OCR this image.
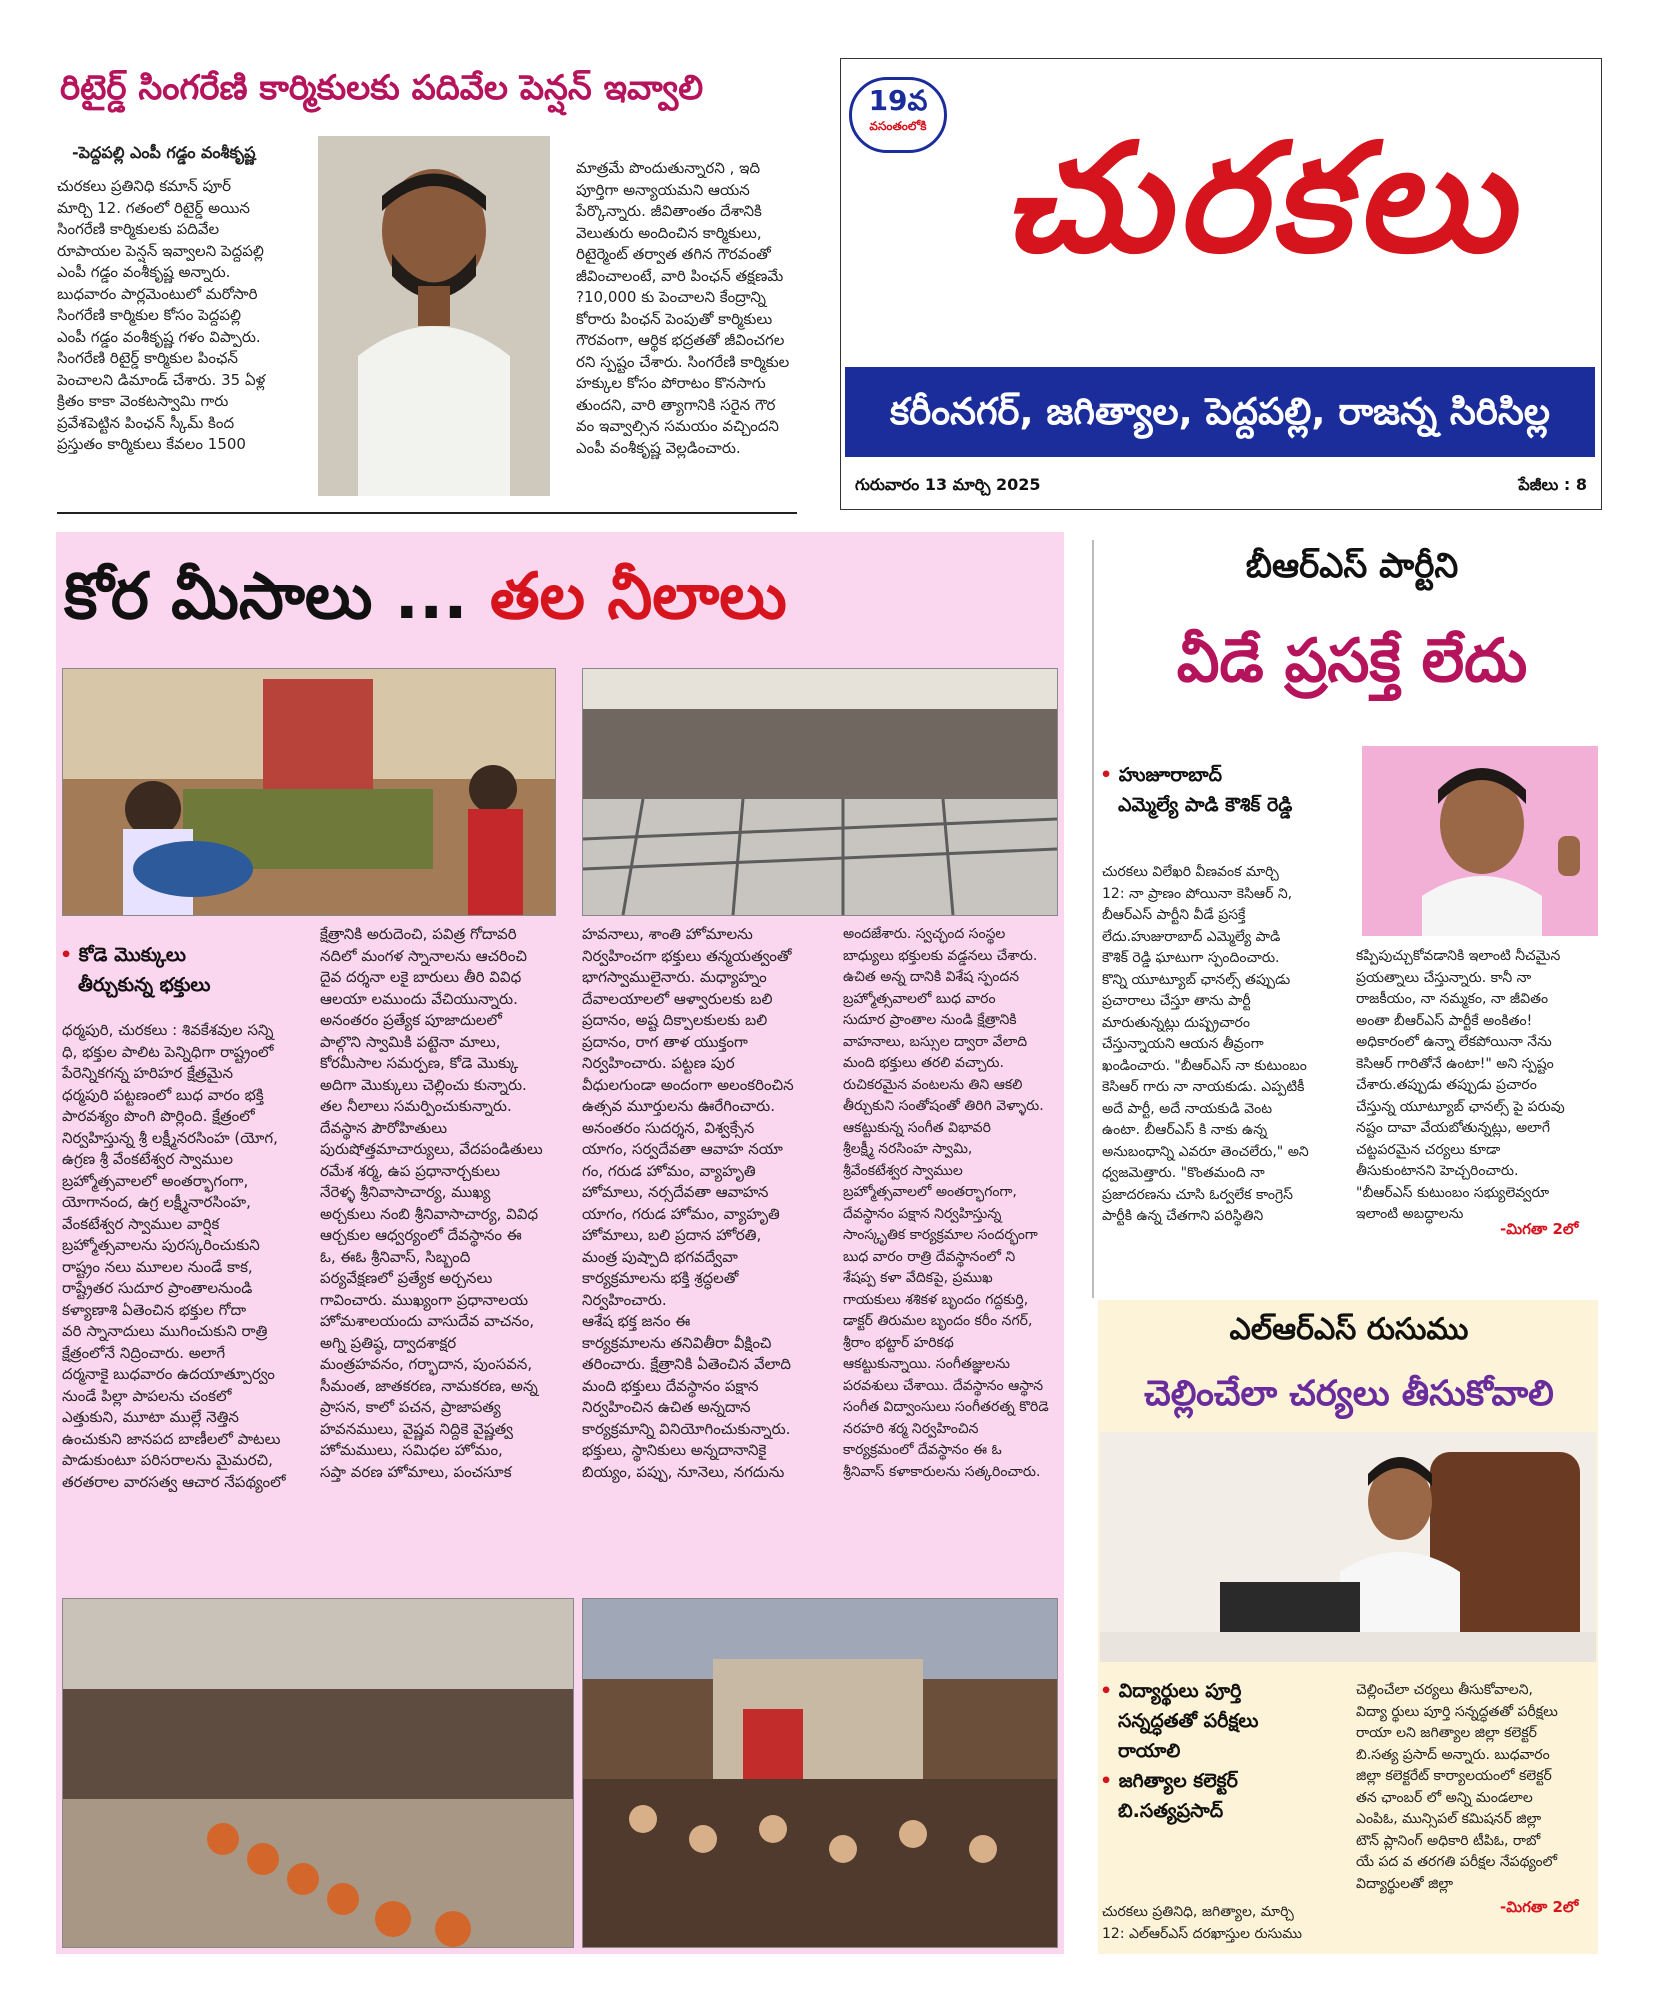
రిటైర్డ్ సింగరేణి కార్మికులకు పదివేల పెన్షన్ ఇవ్వాలి
-పెద్దపల్లి ఎంపీ గడ్డం వంశీకృష్ణ
చురకలు ప్రతినిధి కమాన్ పూర్
మార్చి 12. గతంలో రిటైర్డ్ అయిన
సింగరేణి కార్మికులకు పదివేల
రూపాయల పెన్షన్ ఇవ్వాలని పెద్దపల్లి
ఎంపీ గడ్డం వంశీకృష్ణ అన్నారు.
బుధవారం పార్లమెంటులో మరోసారి
సింగరేణి కార్మికుల కోసం పెద్దపల్లి
ఎంపీ గడ్డం వంశీకృష్ణ గళం విప్పారు.
సింగరేణి రిటైర్డ్ కార్మికుల పింఛన్
పెంచాలని డిమాండ్ చేశారు. 35 ఏళ్ల
క్రితం కాకా వెంకటస్వామి గారు
ప్రవేశపెట్టిన పింఛన్ స్కీమ్ కింద
ప్రస్తుతం కార్మికులు కేవలం 1500
మాత్రమే పొందుతున్నారని , ఇది
పూర్తిగా అన్యాయమని ఆయన
పేర్కొన్నారు. జీవితాంతం దేశానికి
వెలుతురు అందించిన కార్మికులు,
రిటైర్మెంట్ తర్వాత తగిన గౌరవంతో
జీవించాలంటే, వారి పింఛన్ తక్షణమే
?10,000 కు పెంచాలని కేంద్రాన్ని
కోరారు పింఛన్ పెంపుతో కార్మికులు
గౌరవంగా, ఆర్థిక భద్రతతో జీవించగల
రని స్పష్టం చేశారు. సింగరేణి కార్మికుల
హక్కుల కోసం పోరాటం కొనసాగు
తుందని, వారి త్యాగానికి సరైన గౌర
వం ఇవ్వాల్సిన సమయం వచ్చిందని
ఎంపీ వంశీకృష్ణ వెల్లడించారు.
19వ
వసంతంలోకి చురకలు
కరీంనగర్, జగిత్యాల, పెద్దపల్లి, రాజన్న సిరిసిల్ల
గురువారం 13 మార్చి 2025	పేజీలు : 8
కోర మీసాలు ... తల నీలాలు
• కోడె మొక్కులు
తీర్చుకున్న భక్తులు
ధర్మపురి, చురకలు : శివకేశవుల సన్ని
ధి, భక్తుల పాలిట పెన్నిధిగా రాష్ట్రంలో
పేరెన్నికగన్న హరిహర క్షేత్రమైన
ధర్మపురి పట్టణంలో బుధ వారం భక్తి
పారవశ్యం పొంగి పొర్లింది. క్షేత్రంలో
నిర్వహిస్తున్న శ్రీ లక్ష్మీనరసింహ (యోగ,
ఉగ్రణ శ్రీ వేంకటేశ్వర స్వాముల
బ్రహ్మోత్సవాలలో అంతర్భాగంగా,
యోగానంద, ఉగ్ర లక్ష్మీనారసింహ,
వేంకటేశ్వర స్వాముల వార్షిక
బ్రహ్మోత్సవాలను పురస్కరించుకుని
రాష్ట్రం నలు మూలల నుండే కాక,
రాష్ట్రేతర సుదూర ప్రాంతాలనుండి
కళ్యాణాశి ఏతెంచిన భక్తుల గోదా
వరి స్నానాదులు ముగించుకుని రాత్రి
క్షేత్రంలోనే నిద్రించారు. అలాగే
దర్మనాకై బుధవారం ఉదయాత్పూర్వం
నుండే పిల్లా పాపలను చంకలో
ఎత్తుకుని, మూటా ముల్లే నెత్తిన
ఉంచుకుని జానపద బాణీలలో పాటలు
పాడుకుంటూ పరిసరాలను మైమరచి,
తరతరాల వారసత్వ ఆచార నేపథ్యంలో
క్షేత్రానికి అరుదెంచి, పవిత్ర గోదావరి
నదిలో మంగళ స్నానాలను ఆచరించి
దైవ దర్శనా లకై బారులు తీరి వివిధ
ఆలయా లముందు వేచియున్నారు.
అనంతరం ప్రత్యేక పూజాదులలో
పాల్గొని స్వామికి పట్టెనా మాలు,
కోరమీసాల సమర్పణ, కోడె మొక్కు
అదిగా మొక్కులు చెల్లించు కున్నారు.
తల నీలాలు సమర్పించుకున్నారు.
దేవస్థాన పౌరోహితులు
పురుషోత్తమాచార్యులు, వేదపండితులు
రమేశ శర్మ, ఉప ప్రధానార్చకులు
నేరెళ్ళ శ్రీనివాసాచార్య, ముఖ్య
అర్చకులు నంబి శ్రీనివాసాచార్య, వివిధ
ఆర్చకుల ఆధ్వర్యంలో దేవస్థానం ఈ
ఓ, ఈఓ శ్రీనివాస్, సిబ్బంది
పర్యవేక్షణలో ప్రత్యేక అర్చనలు
గావించారు. ముఖ్యంగా ప్రధానాలయ
హోమశాలయందు వాసుదేవ వాచనం,
అగ్ని ప్రతిష్ఠ, ద్వాదశాక్షర
మంత్రహవనం, గర్భాదాన, పుంసవన,
సీమంత, జాతకరణ, నామకరణ, అన్న
ప్రాసన, కాలో పచన, ప్రాజాపత్య
హవనములు, వైష్ణవ నిద్దికె వైష్ణత్వ
హోమములు, సమిధల హోమం,
సప్తా వరణ హోమాలు, పంచసూక
హవనాలు, శాంతి హోమాలను
నిర్వహించగా భక్తులు తన్మయత్వంతో
భాగస్వాములైనారు. మధ్యాహ్నం
దేవాలయాలలో ఆళ్వారులకు బలి
ప్రదానం, అష్ట దిక్పాలకులకు బలి
ప్రదానం, రాగ తాళ యుక్తంగా
నిర్వహించారు. పట్టణ పుర
వీధులగుండా అందంగా అలంకరించిన
ఉత్సవ మూర్తులను ఊరేగించారు.
అనంతరం సుదర్శన, విశ్వక్సేన
యాగం, సర్వదేవతా ఆవాహ నయా
గం, గరుడ హోమం, వ్యాహృతి
హోమాలు, నర్సదేవతా ఆవాహన
యాగం, గరుడ హోమం, వ్యాహృతి
హోమాలు, బలి ప్రదాన హోరతి,
మంత్ర పుష్పాది భగవద్వేవా
కార్యక్రమాలను భక్తి శ్రద్ధలతో
నిర్వహించారు.
ఆశేష భక్త జనం ఈ
కార్యక్రమాలను తనివితీరా వీక్షించి
తరించారు. క్షేత్రానికి ఏతెంచిన వేలాది
మంది భక్తులు దేవస్థానం పక్షాన
నిర్వహించిన ఉచిత అన్నదాన
కార్యక్రమాన్ని వినియోగించుకున్నారు.
భక్తులు, స్థానికులు అన్నదానానికై
బియ్యం, పప్పు, నూనెలు, నగదును
అందజేశారు. స్వచ్ఛంద సంస్థల
బాధ్యులు భక్తులకు వడ్డనలు చేశారు.
ఉచిత అన్న దానికి విశేష స్పందన
బ్రహ్మోత్సవాలలో బుధ వారం
సుదూర ప్రాంతాల నుండి క్షేత్రానికి
వాహనాలు, బస్సుల ద్వారా వేలాది
మంది భక్తులు తరలి వచ్చారు.
రుచికరమైన వంటలను తిని ఆకలి
తీర్చుకుని సంతోషంతో తిరిగి వెళ్ళారు.
ఆకట్టుకున్న సంగీత విభావరి
శ్రీలక్ష్మీ నరసింహ స్వామి,
శ్రీవేంకటేశ్వర స్వాముల
బ్రహ్మోత్సవాలలో అంతర్భాగంగా,
దేవస్థానం పక్షాన నిర్వహిస్తున్న
సాంస్కృతిక కార్యక్రమాల సందర్భంగా
బుధ వారం రాత్రి దేవస్థానంలో ని
శేషప్ప కళా వేదికపై, ప్రముఖ
గాయకులు శశికళ బృందం గద్దకుర్తి,
డాక్టర్ తిరుమల బృందం కరీం నగర్,
శ్రీరాం భట్టార్ హరికథ
ఆకట్టుకున్నాయి. సంగీతజ్ఞులను
పరవశులు చేశాయి. దేవస్థానం ఆస్థాన
సంగీత విద్వాంసులు సంగీతరత్న కొరిడె
నరహరి శర్మ నిర్వహించిన
కార్యక్రమంలో దేవస్థానం ఈ ఓ
శ్రీనివాస్ కళాకారులను సత్కరించారు.
బీఆర్ఎస్ పార్టీని
వీడే ప్రసక్తే లేదు
• హుజూరాబాద్
ఎమ్మెల్యే పాడి కౌశిక్ రెడ్డి
చురకలు విలేఖరి వీణవంక మార్చి
12: నా ప్రాణం పోయినా కెసిఆర్ ని,
బీఆర్ఎస్ పార్టీని వీడే ప్రసక్తే
లేదు.హుజురాబాద్ ఎమ్మెల్యే పాడి
కౌశిక్ రెడ్డి ఘాటుగా స్పందించారు.
కొన్ని యూట్యూబ్ ఛానల్స్ తప్పుడు
ప్రచారాలు చేస్తూ తాను పార్టీ
మారుతున్నట్లు దుష్ప్రచారం
చేస్తున్నాయని ఆయన తీవ్రంగా
ఖండించారు. "బీఆర్ఎస్ నా కుటుంబం
కెసిఆర్ గారు నా నాయకుడు. ఎప్పటికీ
అదే పార్టీ, అదే నాయకుడి వెంట
ఉంటా. బీఆర్ఎస్ కి నాకు ఉన్న
అనుబంధాన్ని ఎవరూ తెంచలేరు," అని
ధ్వజమెత్తారు. "కొంతమంది నా
ప్రజాదరణను చూసి ఓర్వలేక కాంగ్రెస్
పార్టీకి ఉన్న చేతగాని పరిస్థితిని
కప్పిపుచ్చుకోవడానికి ఇలాంటి నీచమైన
ప్రయత్నాలు చేస్తున్నారు. కానీ నా
రాజకీయం, నా నమ్మకం, నా జీవితం
అంతా బీఆర్ఎస్ పార్టీకే అంకితం!
అధికారంలో ఉన్నా లేకపోయినా నేను
కెసిఆర్ గారితోనే ఉంటా!" అని స్పష్టం
చేశారు.తప్పుడు తప్పుడు ప్రచారం
చేస్తున్న యూట్యూబ్ ఛానల్స్ పై పరువు
నష్టం దావా వేయబోతున్నట్లు, అలాగే
చట్టపరమైన చర్యలు కూడా
తీసుకుంటానని హెచ్చరించారు.
"బీఆర్ఎస్ కుటుంబం సభ్యులెవ్వరూ
ఇలాంటి అబద్ధాలను
-మిగతా 2లో
ఎల్ఆర్ఎస్ రుసుము
చెల్లించేలా చర్యలు తీసుకోవాలి
• విద్యార్థులు పూర్తి
సన్నద్ధతతో పరీక్షలు
రాయాలి
• జగిత్యాల కలెక్టర్
బి.సత్యప్రసాద్
చురకలు ప్రతినిధి, జగిత్యాల, మార్చి
12: ఎల్ఆర్ఎస్ దరఖాస్తుల రుసుము
చెల్లించేలా చర్యలు తీసుకోవాలని,
విద్యా ర్థులు పూర్తి సన్నద్ధతతో పరీక్షలు
రాయా లని జగిత్యాల జిల్లా కలెక్టర్
బి.సత్య ప్రసాద్ అన్నారు. బుధవారం
జిల్లా కలెక్టరేట్ కార్యాలయంలో కలెక్టర్
తన ఛాంబర్ లో అన్ని మండలాల
ఎంపిఓ, మున్సిపల్ కమిషనర్ జిల్లా
టౌన్ ప్లానింగ్ అధికారి టీపిఓ, రాబో
యే పద వ తరగతి పరీక్షల నేపథ్యంలో
విద్యార్థులతో జిల్లా
-మిగతా 2లో
